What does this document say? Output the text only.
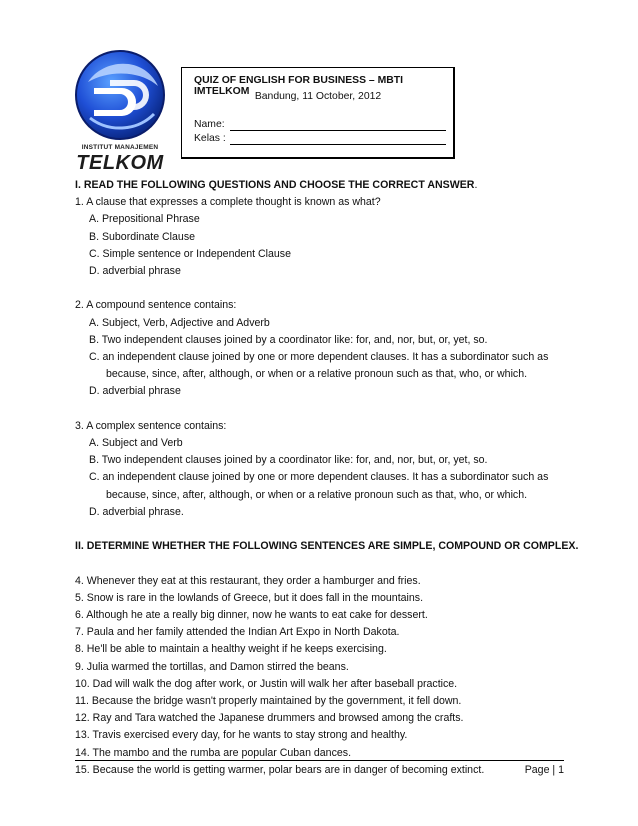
INSTITUT MANAJEMEN
TELKOM
QUIZ OF ENGLISH FOR BUSINESS – MBTI IMTELKOM Bandung, 11 October, 2012
Name:
Kelas :
I. READ THE FOLLOWING QUESTIONS AND CHOOSE THE CORRECT ANSWER.
1. A clause that expresses a complete thought is known as what?
A. Prepositional Phrase
B. Subordinate Clause
C. Simple sentence or Independent Clause
D. adverbial phrase
2. A compound sentence contains:
A. Subject, Verb, Adjective and Adverb
B. Two independent clauses joined by a coordinator like: for, and, nor, but, or, yet, so.
C. an independent clause joined by one or more dependent clauses. It has a subordinator such as
because, since, after, although, or when or a relative pronoun such as that, who, or which.
D. adverbial phrase
3. A complex sentence contains:
A. Subject and Verb
B. Two independent clauses joined by a coordinator like: for, and, nor, but, or, yet, so.
C. an independent clause joined by one or more dependent clauses. It has a subordinator such as
because, since, after, although, or when or a relative pronoun such as that, who, or which.
D. adverbial phrase.
II. DETERMINE WHETHER THE FOLLOWING SENTENCES ARE SIMPLE, COMPOUND OR COMPLEX.
4. Whenever they eat at this restaurant, they order a hamburger and fries.
5. Snow is rare in the lowlands of Greece, but it does fall in the mountains.
6. Although he ate a really big dinner, now he wants to eat cake for dessert.
7. Paula and her family attended the Indian Art Expo in North Dakota.
8. He'll be able to maintain a healthy weight if he keeps exercising.
9. Julia warmed the tortillas, and Damon stirred the beans.
10. Dad will walk the dog after work, or Justin will walk her after baseball practice.
11. Because the bridge wasn't properly maintained by the government, it fell down.
12. Ray and Tara watched the Japanese drummers and browsed among the crafts.
13. Travis exercised every day, for he wants to stay strong and healthy.
14. The mambo and the rumba are popular Cuban dances.
15. Because the world is getting warmer, polar bears are in danger of becoming extinct.	Page | 1
